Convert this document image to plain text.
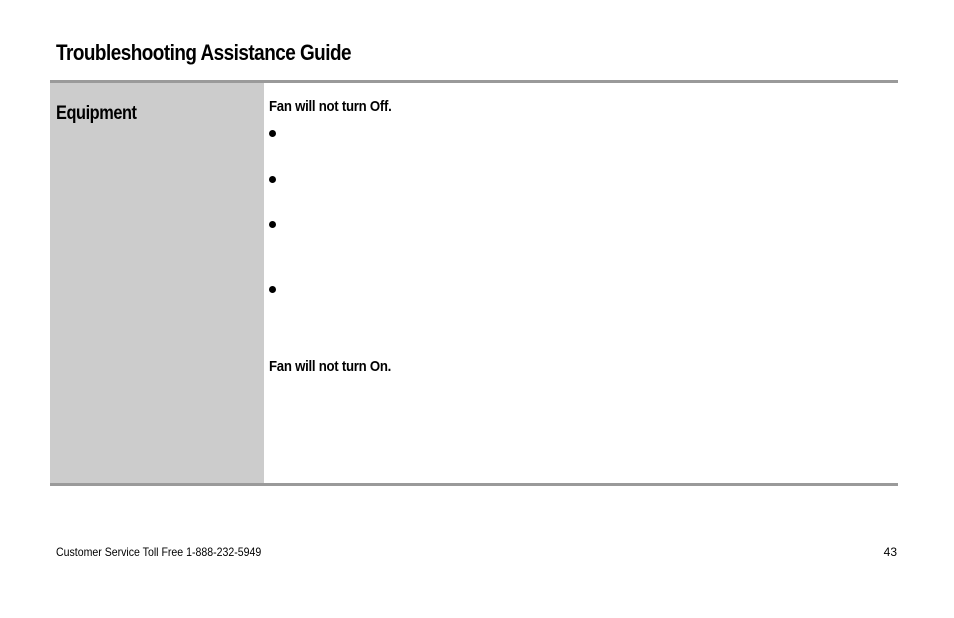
Troubleshooting Assistance Guide
Equipment	Fan will not turn Off.
Fan will not turn On.
Customer Service Toll Free 1-888-232-5949	43
